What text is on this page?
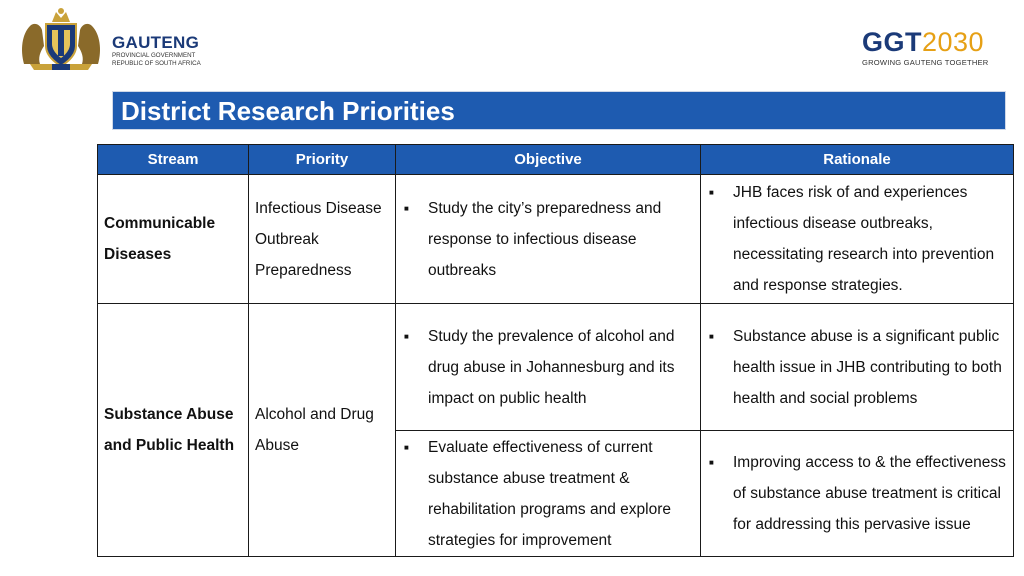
GAUTENG
PROVINCIAL GOVERNMENT
REPUBLIC OF SOUTH AFRICA
GGT2030
GROWING GAUTENG TOGETHER
District Research Priorities
Stream	Priority	Objective	Rationale
Communicable Diseases	Infectious Disease Outbreak Preparedness	■ Study the city’s preparedness and response to infectious disease outbreaks	■ JHB faces risk of and experiences infectious disease outbreaks, necessitating research into prevention and response strategies.

Substance Abuse and Public Health	Alcohol and Drug Abuse	■ Study the prevalence of alcohol and drug abuse in Johannesburg and its impact on public health	■ Substance abuse is a significant public health issue in JHB contributing to both health and social problems

		■ Evaluate effectiveness of current substance abuse treatment & rehabilitation programs and explore strategies for improvement	■ Improving access to & the effectiveness of substance abuse treatment is critical for addressing this pervasive issue
